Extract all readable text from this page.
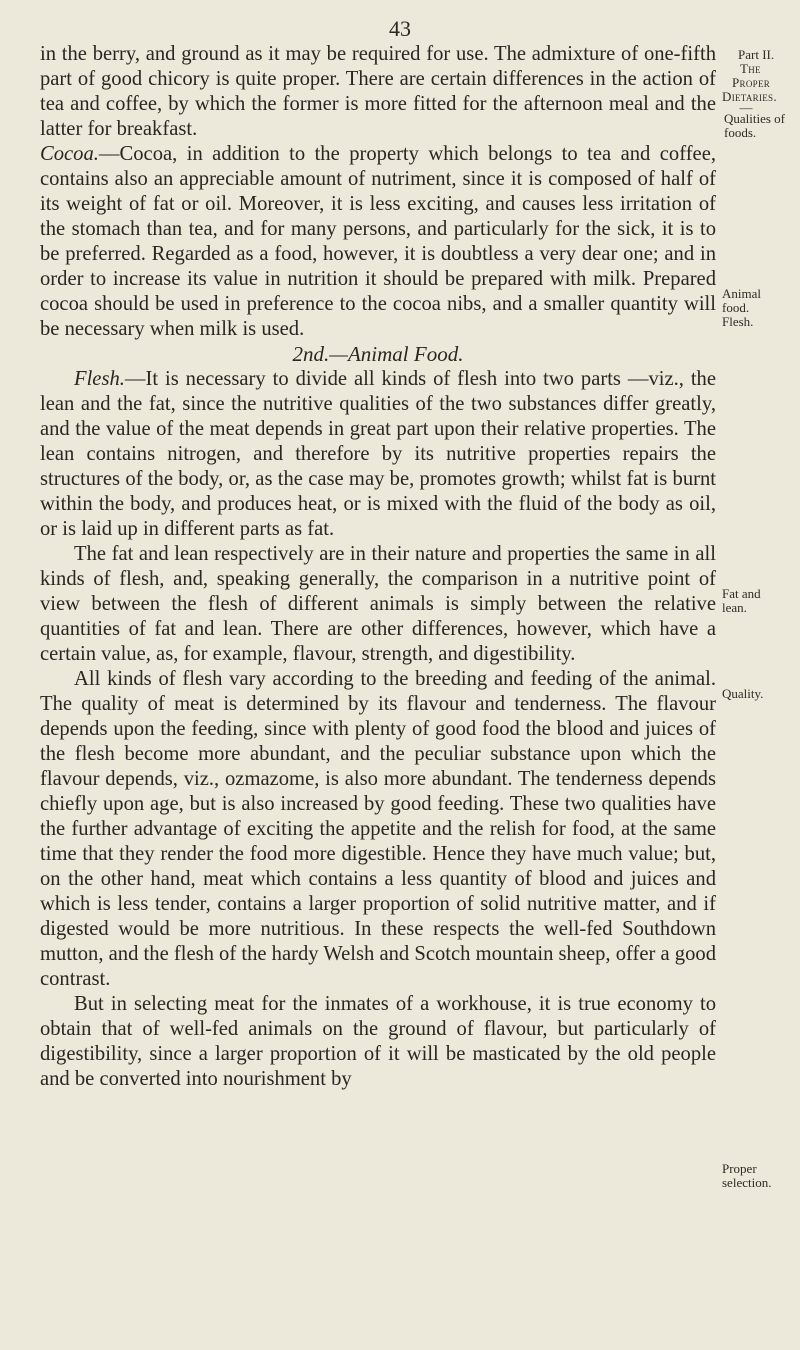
43
Part II.
The
Proper
Dietaries.
—
Qualities of foods.
Animal food. Flesh.
Fat and lean.
Quality.
Proper selection.

in the berry, and ground as it may be required for use. The admixture of one-fifth part of good chicory is quite proper. There are certain differences in the action of tea and coffee, by which the former is more fitted for the afternoon meal and the latter for breakfast.

Cocoa.—Cocoa, in addition to the property which belongs to tea and coffee, contains also an appreciable amount of nutriment, since it is composed of half of its weight of fat or oil. Moreover, it is less exciting, and causes less irritation of the stomach than tea, and for many persons, and particularly for the sick, it is to be preferred. Regarded as a food, however, it is doubtless a very dear one; and in order to increase its value in nutrition it should be prepared with milk. Prepared cocoa should be used in preference to the cocoa nibs, and a smaller quantity will be necessary when milk is used.

2nd.—Animal Food.

Flesh.—It is necessary to divide all kinds of flesh into two parts —viz., the lean and the fat, since the nutritive qualities of the two substances differ greatly, and the value of the meat depends in great part upon their relative properties. The lean contains nitrogen, and therefore by its nutritive properties repairs the structures of the body, or, as the case may be, promotes growth; whilst fat is burnt within the body, and produces heat, or is mixed with the fluid of the body as oil, or is laid up in different parts as fat.

The fat and lean respectively are in their nature and properties the same in all kinds of flesh, and, speaking generally, the comparison in a nutritive point of view between the flesh of different animals is simply between the relative quantities of fat and lean. There are other differences, however, which have a certain value, as, for example, flavour, strength, and digestibility.

All kinds of flesh vary according to the breeding and feeding of the animal. The quality of meat is determined by its flavour and tenderness. The flavour depends upon the feeding, since with plenty of good food the blood and juices of the flesh become more abundant, and the peculiar substance upon which the flavour depends, viz., ozmazome, is also more abundant. The tenderness depends chiefly upon age, but is also increased by good feeding. These two qualities have the further advantage of exciting the appetite and the relish for food, at the same time that they render the food more digestible. Hence they have much value; but, on the other hand, meat which contains a less quantity of blood and juices and which is less tender, contains a larger proportion of solid nutritive matter, and if digested would be more nutritious. In these respects the well-fed Southdown mutton, and the flesh of the hardy Welsh and Scotch mountain sheep, offer a good contrast.

But in selecting meat for the inmates of a workhouse, it is true economy to obtain that of well-fed animals on the ground of flavour, but particularly of digestibility, since a larger proportion of it will be masticated by the old people and be converted into nourishment by
